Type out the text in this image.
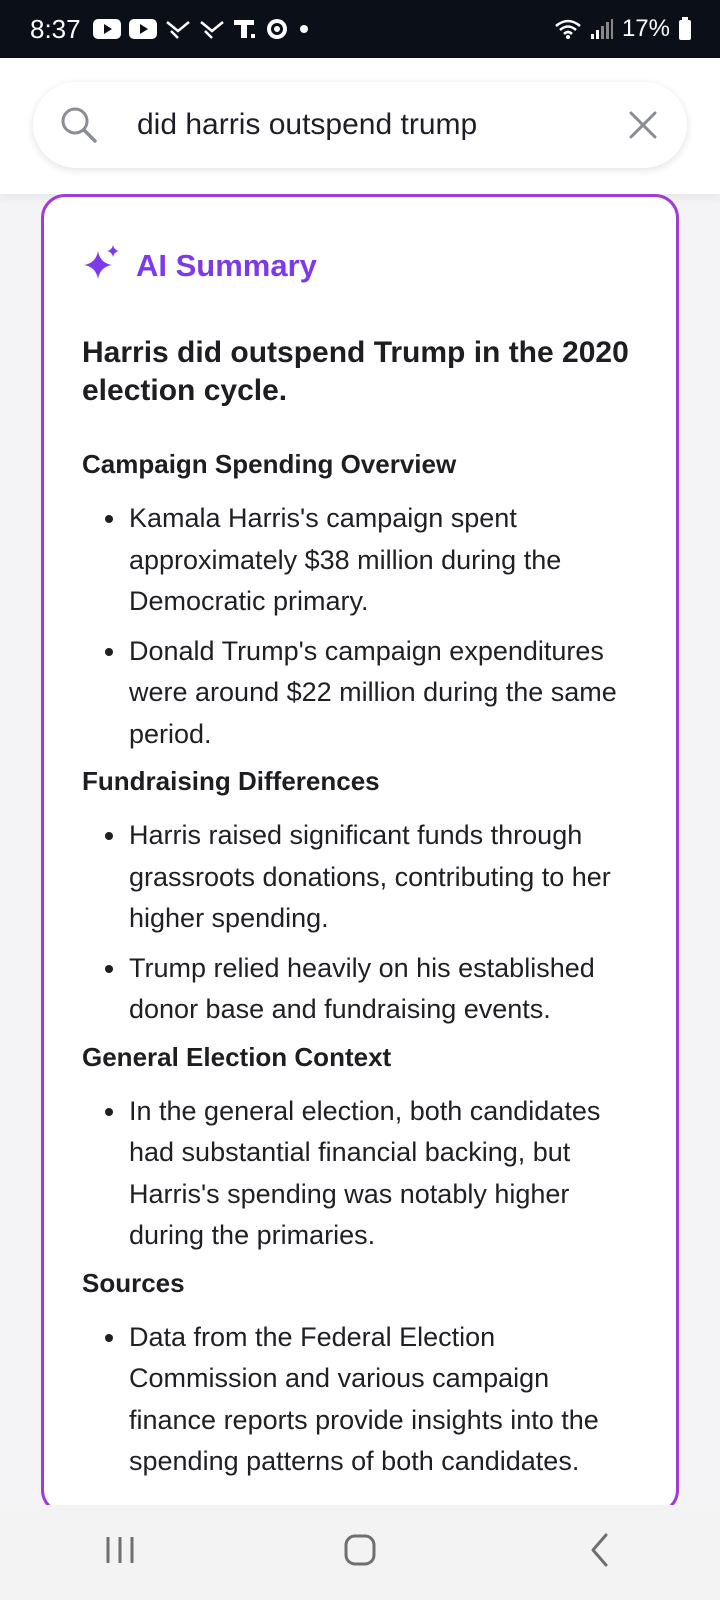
8:37	17%
did harris outspend trump
AI Summary
Harris did outspend Trump in the 2020 election cycle.
Campaign Spending Overview
Kamala Harris's campaign spent approximately $38 million during the Democratic primary.
Donald Trump's campaign expenditures were around $22 million during the same period.
Fundraising Differences
Harris raised significant funds through grassroots donations, contributing to her higher spending.
Trump relied heavily on his established donor base and fundraising events.
General Election Context
In the general election, both candidates had substantial financial backing, but Harris's spending was notably higher during the primaries.
Sources
Data from the Federal Election Commission and various campaign finance reports provide insights into the spending patterns of both candidates.
